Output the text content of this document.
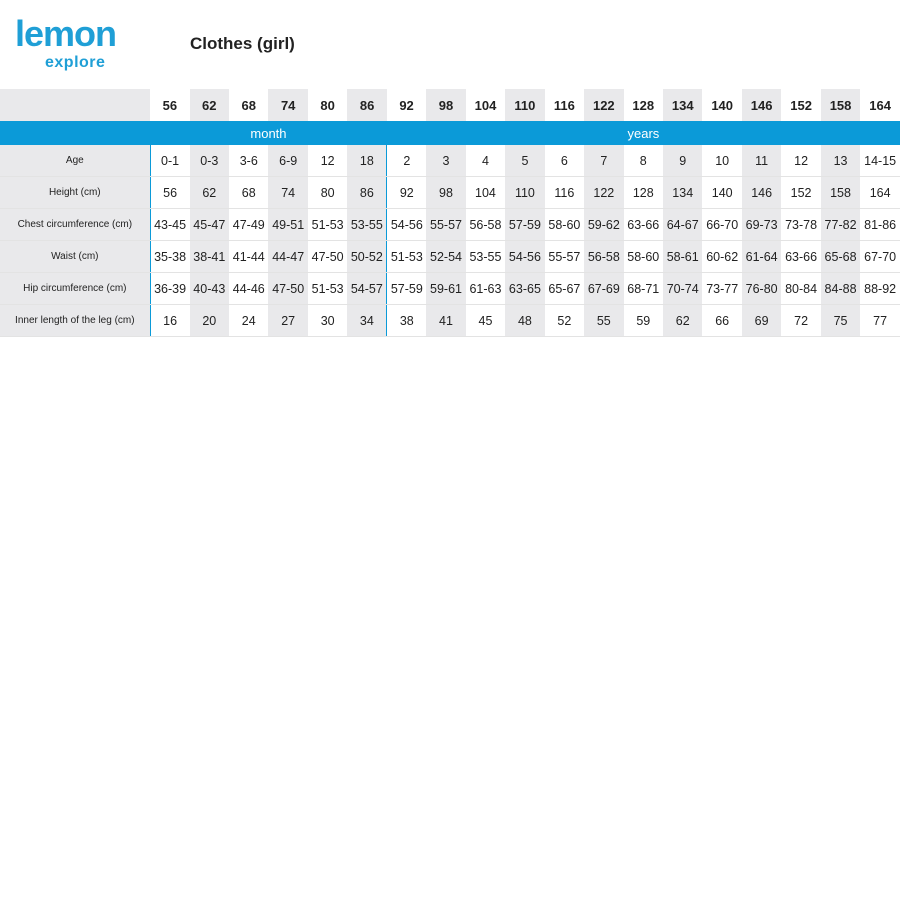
lemon
explore
Clothes (girl)
	56	62	68	74	80	86	92	98	104	110	116	122	128	134	140	146	152	158	164
	month						years												
Age	0-1	0-3	3-6	6-9	12	18	2	3	4	5	6	7	8	9	10	11	12	13	14-15
Height (cm)	56	62	68	74	80	86	92	98	104	110	116	122	128	134	140	146	152	158	164
Chest circumference (cm)	43-45	45-47	47-49	49-51	51-53	53-55	54-56	55-57	56-58	57-59	58-60	59-62	63-66	64-67	66-70	69-73	73-78	77-82	81-86
Waist (cm)	35-38	38-41	41-44	44-47	47-50	50-52	51-53	52-54	53-55	54-56	55-57	56-58	58-60	58-61	60-62	61-64	63-66	65-68	67-70
Hip circumference (cm)	36-39	40-43	44-46	47-50	51-53	54-57	57-59	59-61	61-63	63-65	65-67	67-69	68-71	70-74	73-77	76-80	80-84	84-88	88-92
Inner length of the leg (cm)	16	20	24	27	30	34	38	41	45	48	52	55	59	62	66	69	72	75	77
